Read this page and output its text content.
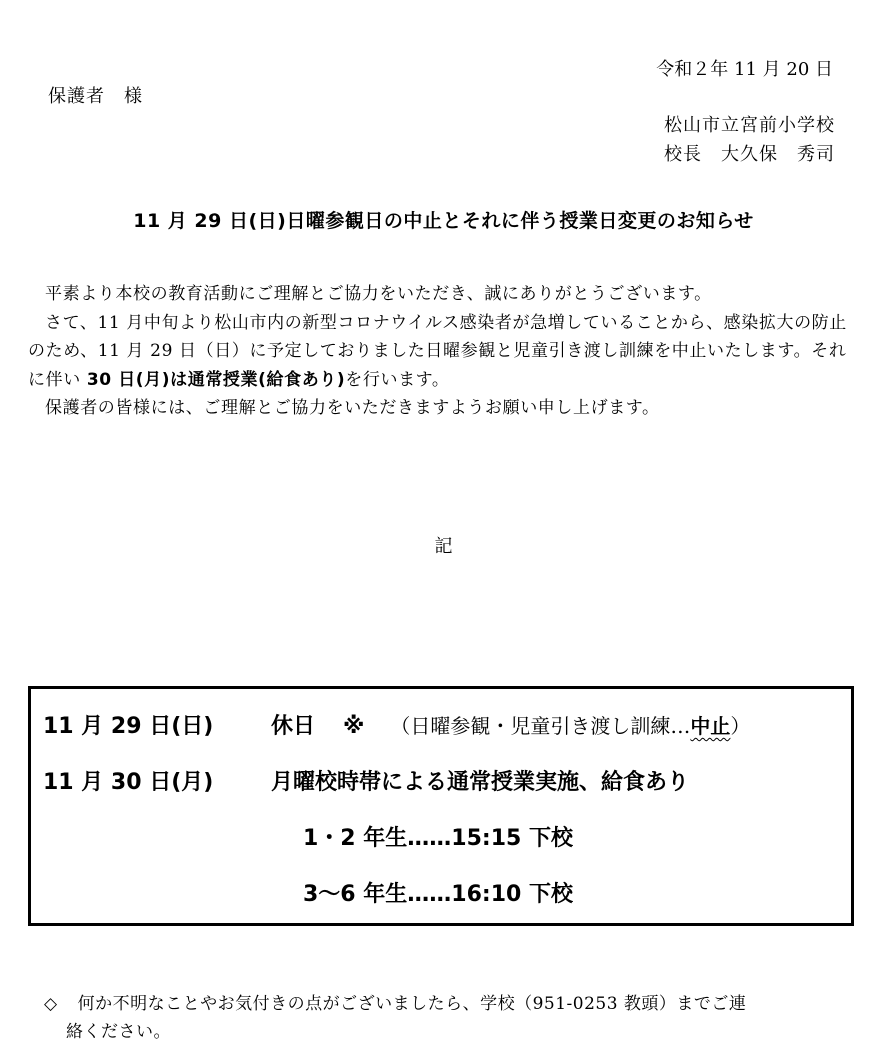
令和２年 11 月 20 日
保護者　様
松山市立宮前小学校
校長　大久保　秀司
11 月 29 日(日)日曜参観日の中止とそれに伴う授業日変更のお知らせ

平素より本校の教育活動にご理解とご協力をいただき、誠にありがとうございます。

さて、11 月中旬より松山市内の新型コロナウイルス感染者が急増していることから、感染拡大の防止のため、11 月 29 日（日）に予定しておりました日曜参観と児童引き渡し訓練を中止いたします。それに伴い 30 日(月)は通常授業(給食あり)を行います。

保護者の皆様には、ご理解とご協力をいただきますようお願い申し上げます。

記
11 月 29 日(日)	休日 ※ （日曜参観・児童引き渡し訓練…中止）
11 月 30 日(月)	月曜校時帯による通常授業実施、給食あり
1・2 年生……15:15 下校
3～6 年生……16:10 下校
◇ 何か不明なことやお気付きの点がございましたら、学校（951-0253 教頭）までご連
絡ください。
